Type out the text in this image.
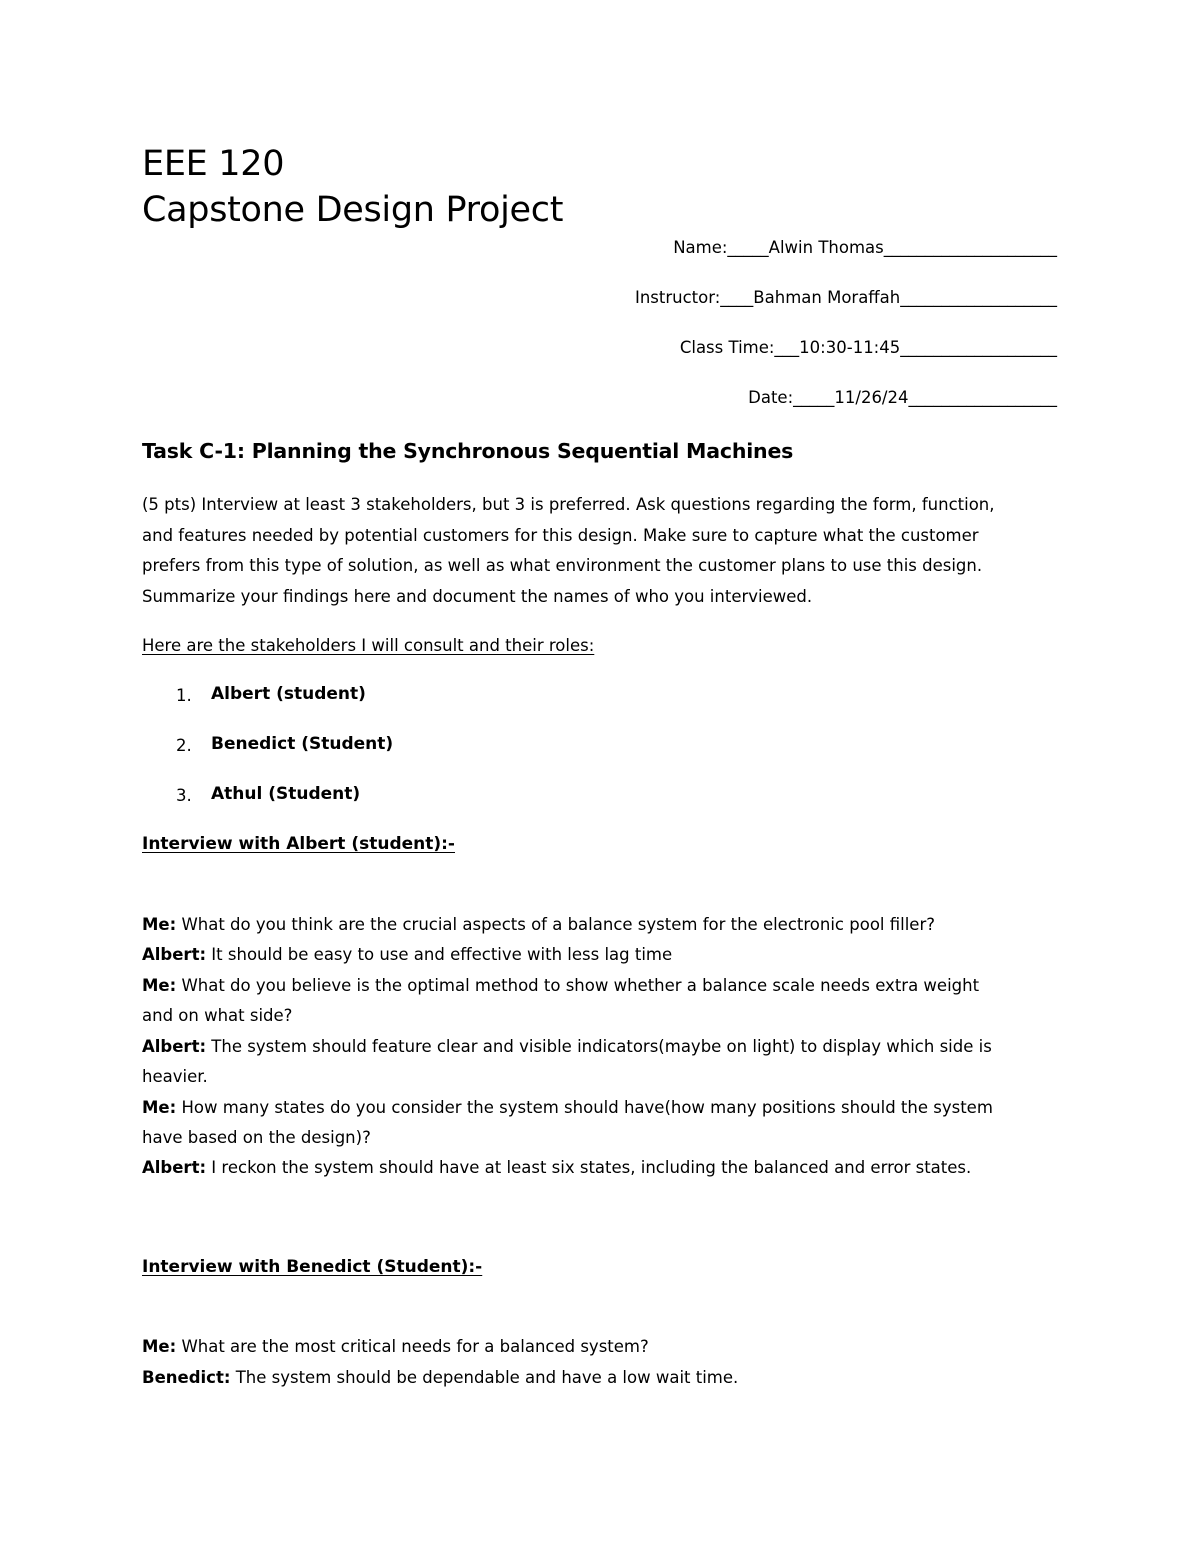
EEE 120
Capstone Design Project
Name:_____Alwin Thomas_____________________
Instructor:____Bahman Moraffah___________________
Class Time:___10:30-11:45___________________
Date:_____11/26/24__________________
Task C-1: Planning the Synchronous Sequential Machines
(5 pts) Interview at least 3 stakeholders, but 3 is preferred. Ask questions regarding the form, function,
and features needed by potential customers for this design. Make sure to capture what the customer
prefers from this type of solution, as well as what environment the customer plans to use this design.
Summarize your findings here and document the names of who you interviewed.
Here are the stakeholders I will consult and their roles:
1.	Albert (student)
2.	Benedict (Student)
3.	Athul (Student)
Interview with Albert (student):-
Me: What do you think are the crucial aspects of a balance system for the electronic pool filler?
Albert: It should be easy to use and effective with less lag time
Me: What do you believe is the optimal method to show whether a balance scale needs extra weight
and on what side?
Albert: The system should feature clear and visible indicators(maybe on light) to display which side is
heavier.
Me: How many states do you consider the system should have(how many positions should the system
have based on the design)?
Albert: I reckon the system should have at least six states, including the balanced and error states.
Interview with Benedict (Student):-
Me: What are the most critical needs for a balanced system?
Benedict: The system should be dependable and have a low wait time.
